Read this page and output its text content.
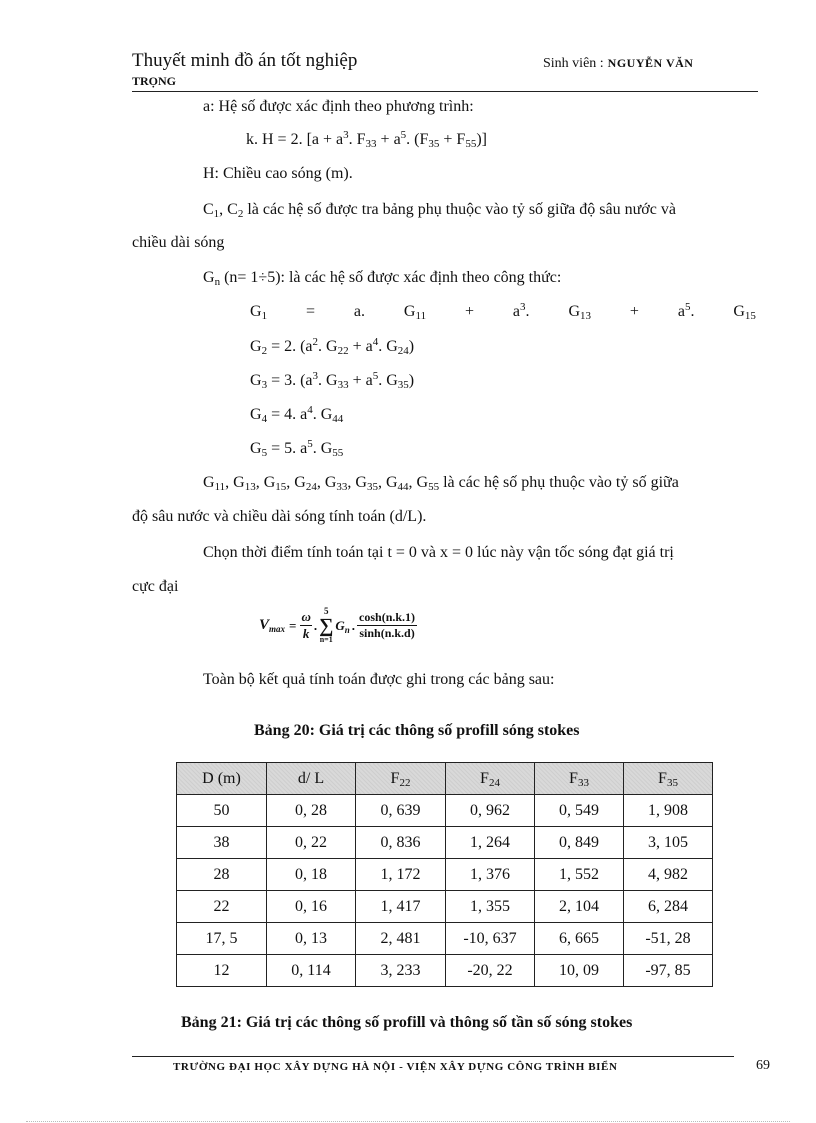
Thuyết minh đồ án tốt nghiệp
TRỌNG
Sinh viên : NGUYỄN VĂN
a: Hệ số được xác định theo phương trình:
k. H = 2. [$a + a^3$. $F_{33} + a^5$. $(F_{35} + F_{55})$]
H: Chiều cao sóng (m).
$C_1$, $C_2$ là các hệ số được tra bảng phụ thuộc vào tỷ số giữa độ sâu nước và
chiều dài sóng
$G_n$ (n= 1÷5): là các hệ số được xác định theo công thức:
$G_1 = a$. $G_{11} + a^3$. $G_{13} + a^5$. $G_{15}$
$G_2 = 2$. ($a^2$. $G_{22} + a^4$. $G_{24}$)
$G_3 = 3$. ($a^3$. $G_{33} + a^5$. $G_{35}$)
$G_4 = 4$. $a^4$. $G_{44}$
$G_5 = 5$. $a^5$. $G_{55}$
$G_{11}$, $G_{13}$, $G_{15}$, $G_{24}$, $G_{33}$, $G_{35}$, $G_{44}$, $G_{55}$ là các hệ số phụ thuộc vào tỷ số giữa
độ sâu nước và chiều dài sóng tính toán (d/L).
Chọn thời điểm tính toán tại t = 0 và x = 0 lúc này vận tốc sóng đạt giá trị
cực đại
$V_{max}$	=	
ω
k
	.	
5
∑
n=1
	$G_n$	.	
cosh(n.k.1)
sinh(n.k.d)
Toàn bộ kết quả tính toán được ghi trong các bảng sau:
Bảng 20: Giá trị các thông số profill sóng stokes
D (m)	d/ L	$F_{22}$	$F_{24}$	$F_{33}$	$F_{35}$
50	0, 28	0, 639	0, 962	0, 549	1, 908
38	0, 22	0, 836	1, 264	0, 849	3, 105
28	0, 18	1, 172	1, 376	1, 552	4, 982
22	0, 16	1, 417	1, 355	2, 104	6, 284
17, 5	0, 13	2, 481	-10, 637	6, 665	-51, 28
12	0, 114	3, 233	-20, 22	10, 09	-97, 85
Bảng 21: Giá trị các thông số profill và thông số tần số sóng stokes
TRƯỜNG ĐẠI HỌC XÂY DỰNG HÀ NỘI - VIỆN XÂY DỰNG CÔNG TRÌNH BIỂN	69
